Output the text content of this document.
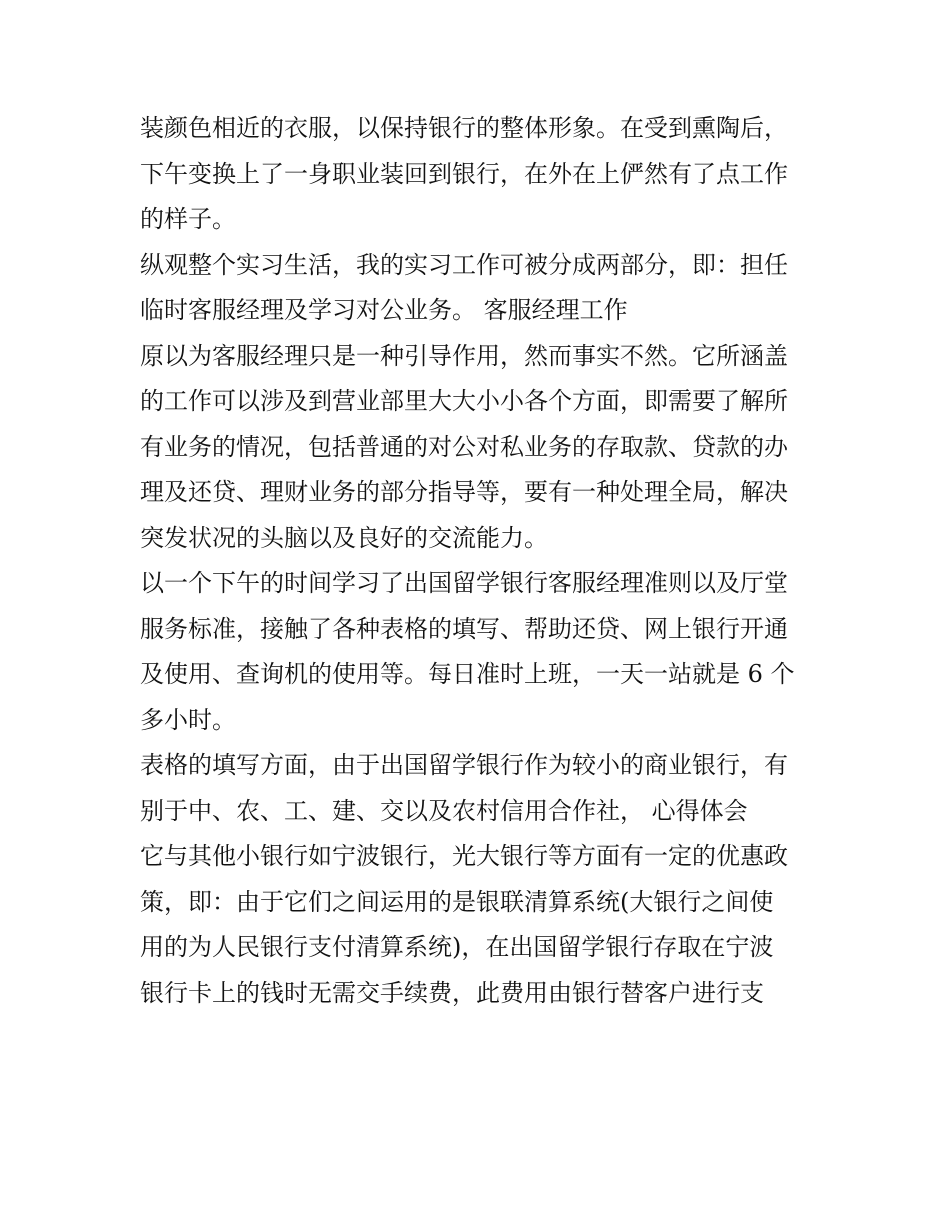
装颜色相近的衣服，以保持银行的整体形象。在受到熏陶后，
下午变换上了一身职业装回到银行，在外在上俨然有了点工作
的样子。
纵观整个实习生活，我的实习工作可被分成两部分，即：担任
临时客服经理及学习对公业务。 客服经理工作
原以为客服经理只是一种引导作用，然而事实不然。它所涵盖
的工作可以涉及到营业部里大大小小各个方面，即需要了解所
有业务的情况，包括普通的对公对私业务的存取款、贷款的办
理及还贷、理财业务的部分指导等，要有一种处理全局，解决
突发状况的头脑以及良好的交流能力。
以一个下午的时间学习了出国留学银行客服经理准则以及厅堂
服务标准，接触了各种表格的填写、帮助还贷、网上银行开通
及使用、查询机的使用等。每日准时上班，一天一站就是 6 个
多小时。
表格的填写方面，由于出国留学银行作为较小的商业银行，有
别于中、农、工、建、交以及农村信用合作社， 心得体会
它与其他小银行如宁波银行，光大银行等方面有一定的优惠政
策，即：由于它们之间运用的是银联清算系统(大银行之间使
用的为人民银行支付清算系统)，在出国留学银行存取在宁波
银行卡上的钱时无需交手续费，此费用由银行替客户进行支
